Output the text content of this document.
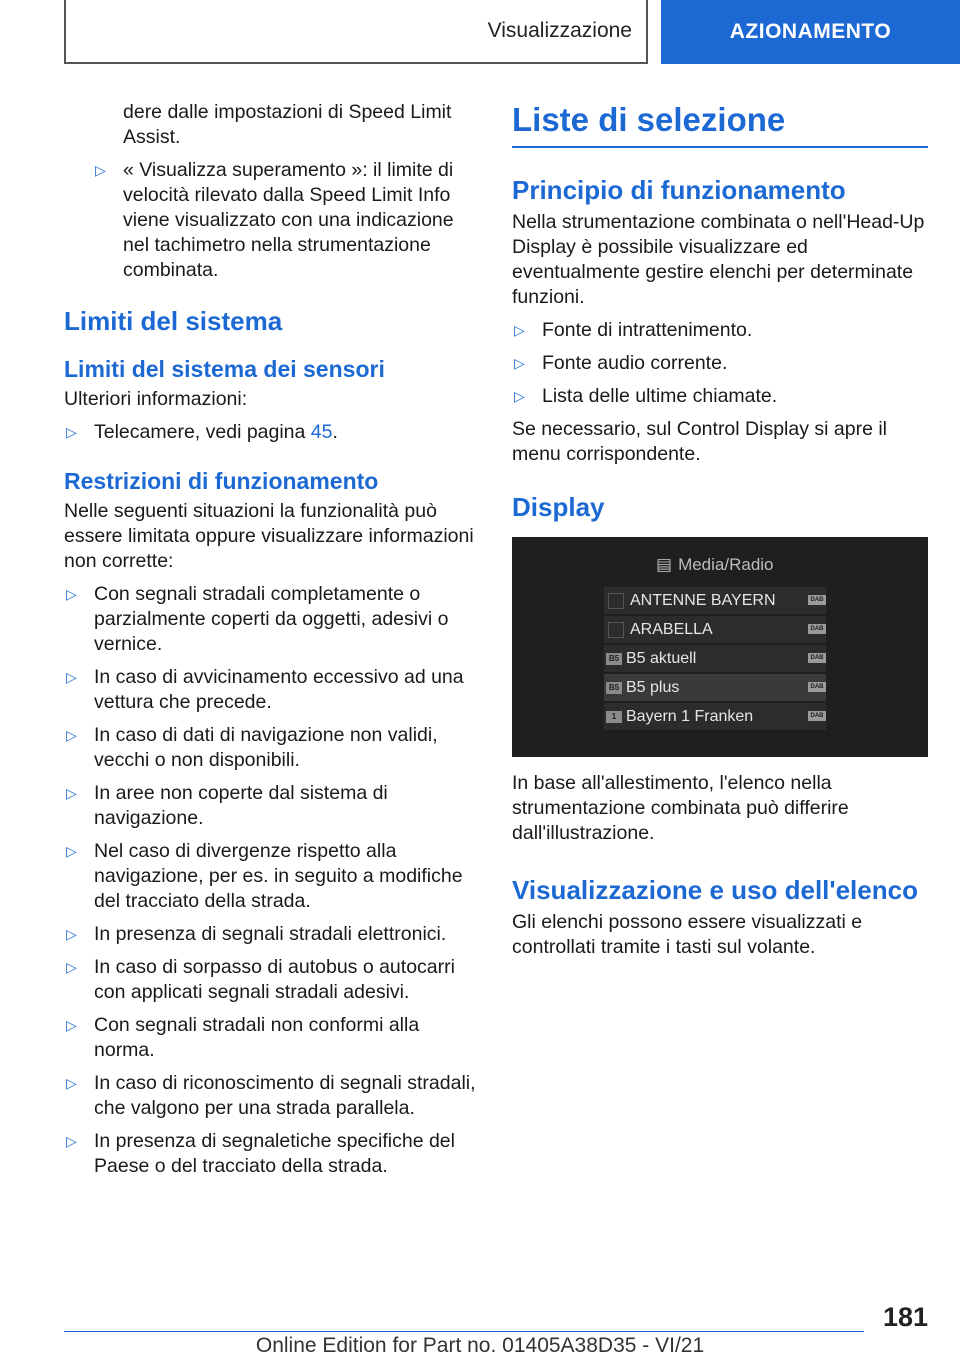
Visualizzazione	AZIONAMENTO
dere dalle impostazioni di Speed Limit Assist.
▷ « Visualizza superamento »: il limite di velocità rilevato dalla Speed Limit Info viene visualizzato con una indicazione nel tachimetro nella strumentazione combinata.
Limiti del sistema
Limiti del sistema dei sensori

Ulteriori informazioni:

▷ Telecamere, vedi pagina 45.
Restrizioni di funzionamento

Nelle seguenti situazioni la funzionalità può essere limitata oppure visualizzare informazioni non corrette:

▷ Con segnali stradali completamente o parzialmente coperti da oggetti, adesivi o vernice.
▷ In caso di avvicinamento eccessivo ad una vettura che precede.
▷ In caso di dati di navigazione non validi, vecchi o non disponibili.
▷ In aree non coperte dal sistema di navigazione.
▷ Nel caso di divergenze rispetto alla navigazione, per es. in seguito a modifiche del tracciato della strada.
▷ In presenza di segnali stradali elettronici.
▷ In caso di sorpasso di autobus o autocarri con applicati segnali stradali adesivi.
▷ Con segnali stradali non conformi alla norma.
▷ In caso di riconoscimento di segnali stradali, che valgono per una strada parallela.
▷ In presenza di segnaletiche specifiche del Paese o del tracciato della strada.
Liste di selezione
Principio di funzionamento

Nella strumentazione combinata o nell'Head-Up Display è possibile visualizzare ed eventualmente gestire elenchi per determinate funzioni.

▷ Fonte di intrattenimento.
▷ Fonte audio corrente.
▷ Lista delle ultime chiamate.

Se necessario, sul Control Display si apre il menu corrispondente.

Display
▤ Media/Radio
ANTENNE BAYERN	DAB
ARABELLA	DAB
B5 B5 aktuell	DAB
B5 B5 plus	DAB
1 Bayern 1 Franken	DAB

In base all'allestimento, l'elenco nella strumentazione combinata può differire dall'illustrazione.

Visualizzazione e uso dell'elenco

Gli elenchi possono essere visualizzati e controllati tramite i tasti sul volante.

181
Online Edition for Part no. 01405A38D35 - VI/21
